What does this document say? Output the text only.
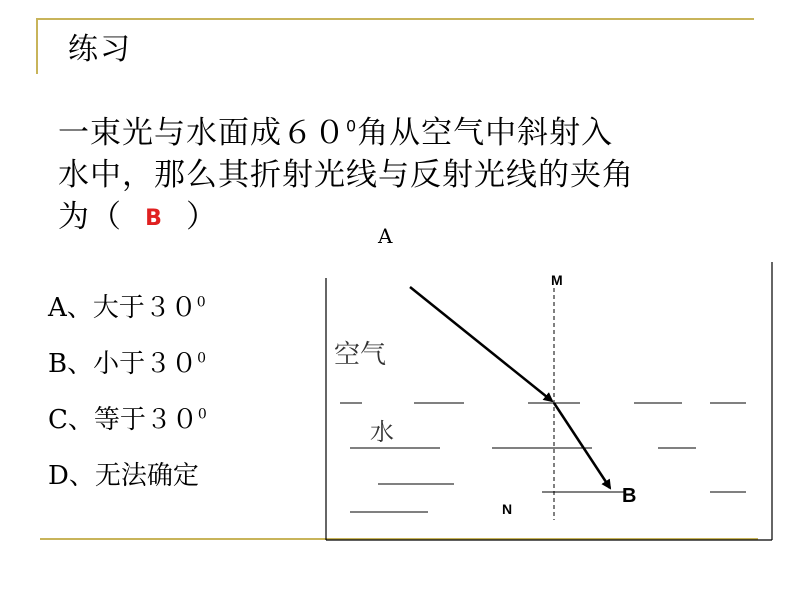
练习
一束光与水面成$60^0$角从空气中斜射入
水中，那么其折射光线与反射光线的夹角
为（ B ）
A、大于$30^0$
B、小于$30^0$
C、等于$30^0$
D、无法确定
A
M
N
B
空气
水
